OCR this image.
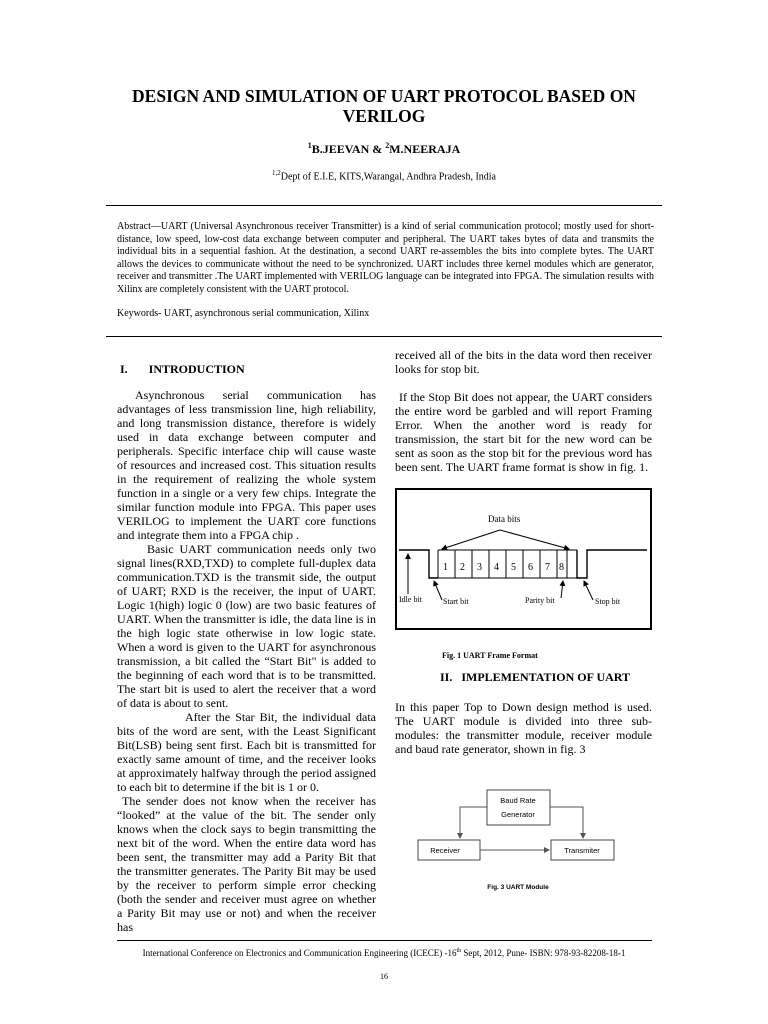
DESIGN AND SIMULATION OF UART PROTOCOL BASED ON VERILOG
$^1$B.JEEVAN & $^2$M.NEERAJA
$^{1,2}$Dept of E.I.E, KITS,Warangal, Andhra Pradesh, India

Abstract—UART (Universal Asynchronous receiver Transmitter) is a kind of serial communication protocol; mostly used for short-distance, low speed, low-cost data exchange between computer and peripheral. The UART takes bytes of data and transmits the individual bits in a sequential fashion. At the destination, a second UART re-assembles the bits into complete bytes. The UART allows the devices to communicate without the need to be synchronized. UART includes three kernel modules which are generator, receiver and transmitter .The UART implemented with VERILOG language can be integrated into FPGA. The simulation results with Xilinx are completely consistent with the UART protocol.

Keywords- UART, asynchronous serial communication, Xilinx

I.       INTRODUCTION

Asynchronous serial communication has advantages of less transmission line, high reliability, and long transmission distance, therefore is widely used in data exchange between computer and peripherals. Specific interface chip will cause waste of resources and increased cost. This situation results in the requirement of realizing the whole system function in a single or a very few chips. Integrate the similar function module into FPGA. This paper uses VERILOG to implement the UART core functions and integrate them into a FPGA chip .

Basic UART communication needs only two signal lines(RXD,TXD) to complete full-duplex data communication.TXD is the transmit side, the output of UART; RXD is the receiver, the input of UART. Logic 1(high) logic 0 (low) are two basic features of UART. When the transmitter is idle, the data line is in the high logic state otherwise in low logic state. When a word is given to the UART for asynchronous transmission, a bit called the “Start Bit" is added to the beginning of each word that is to be transmitted. The start bit is used to alert the receiver that a word of data is about to sent.

After the Star Bit, the individual data bits of the word are sent, with the Least Significant Bit(LSB) being sent first. Each bit is transmitted for exactly same amount of time, and the receiver looks at approximately halfway through the period assigned to each bit to determine if the bit is 1 or 0.

The sender does not know when the receiver has “looked” at the value of the bit. The sender only knows when the clock says to begin transmitting the next bit of the word. When the entire data word has been sent, the transmitter may add a Parity Bit that the transmitter generates. The Parity Bit may be used by the receiver to perform simple error checking (both the sender and receiver must agree on whether a Parity Bit may use or not) and when the receiver has

received all of the bits in the data word then receiver looks for stop bit.

If the Stop Bit does not appear, the UART considers the entire word be garbled and will report Framing Error. When the another word is ready for transmission, the start bit for the new word can be sent as soon as the stop bit for the previous word has been sent. The UART frame format is show in fig. 1.

1 2 3 4 5 6 7 8
Data bits
Idle bit	Start bit	Parity bit	Stop bit
Fig. 1 UART Frame Format
II.   IMPLEMENTATION OF UART
In this paper Top to Down design method is used. The UART module is divided into three sub-modules: the transmitter module, receiver module and baud rate generator, shown in fig. 3
Baud Rate
Generator
Receiver	Transmiter
Fig. 3 UART Module
International Conference on Electronics and Communication Engineering (ICECE) -16th Sept, 2012, Pune- ISBN: 978-93-82208-18-1
16
